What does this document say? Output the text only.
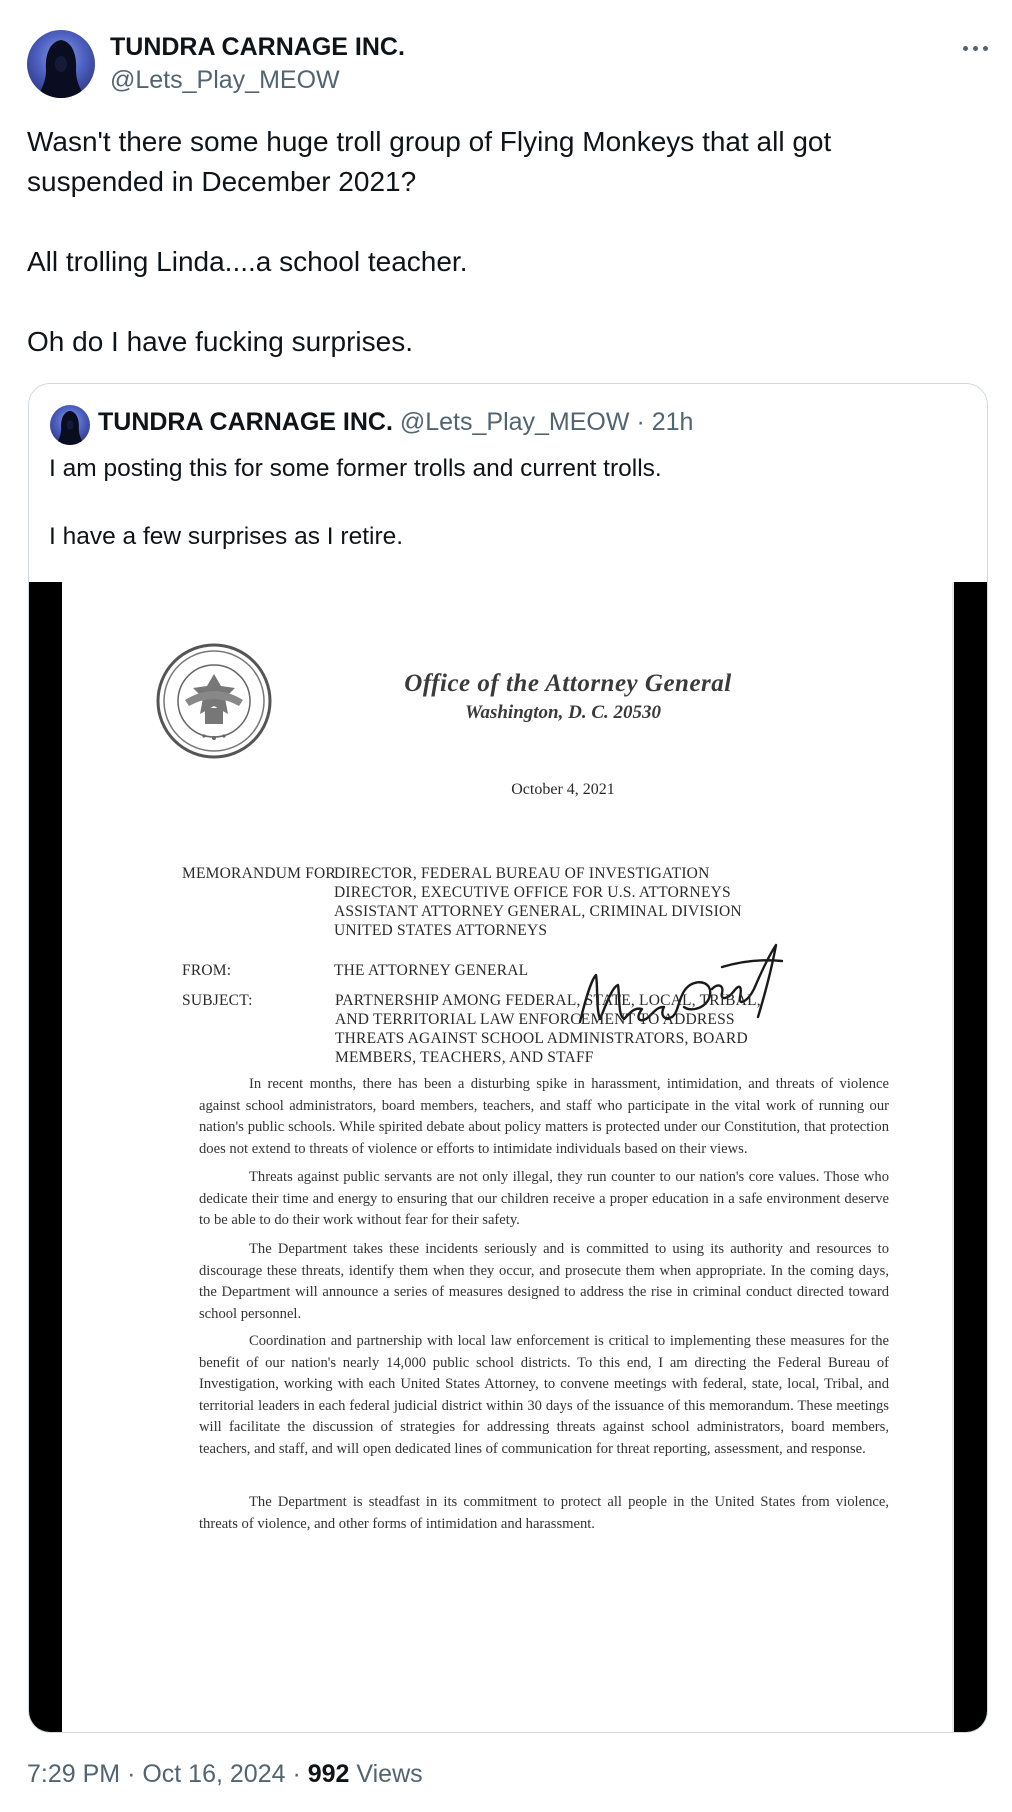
TUNDRA CARNAGE INC.
@Lets_Play_MEOW
Wasn't there some huge troll group of Flying Monkeys that all got
suspended in December 2021?
All trolling Linda....a school teacher.
Oh do I have fucking surprises.
TUNDRA CARNAGE INC. @Lets_Play_MEOW · 21h
I am posting this for some former trolls and current trolls.
I have a few surprises as I retire.
Office of the Attorney General
Washington, D. C. 20530
October 4, 2021
MEMORANDUM FOR
DIRECTOR, FEDERAL BUREAU OF INVESTIGATION
DIRECTOR, EXECUTIVE OFFICE FOR U.S. ATTORNEYS
ASSISTANT ATTORNEY GENERAL, CRIMINAL DIVISION
UNITED STATES ATTORNEYS
FROM:	THE ATTORNEY GENERAL
SUBJECT:	PARTNERSHIP AMONG FEDERAL, STATE, LOCAL, TRIBAL,
AND TERRITORIAL LAW ENFORCEMENT TO ADDRESS
THREATS AGAINST SCHOOL ADMINISTRATORS, BOARD
MEMBERS, TEACHERS, AND STAFF
In recent months, there has been a disturbing spike in harassment, intimidation, and threats of violence against school administrators, board members, teachers, and staff who participate in the vital work of running our nation's public schools. While spirited debate about policy matters is protected under our Constitution, that protection does not extend to threats of violence or efforts to intimidate individuals based on their views.
Threats against public servants are not only illegal, they run counter to our nation's core values. Those who dedicate their time and energy to ensuring that our children receive a proper education in a safe environment deserve to be able to do their work without fear for their safety.
The Department takes these incidents seriously and is committed to using its authority and resources to discourage these threats, identify them when they occur, and prosecute them when appropriate. In the coming days, the Department will announce a series of measures designed to address the rise in criminal conduct directed toward school personnel.
Coordination and partnership with local law enforcement is critical to implementing these measures for the benefit of our nation's nearly 14,000 public school districts. To this end, I am directing the Federal Bureau of Investigation, working with each United States Attorney, to convene meetings with federal, state, local, Tribal, and territorial leaders in each federal judicial district within 30 days of the issuance of this memorandum. These meetings will facilitate the discussion of strategies for addressing threats against school administrators, board members, teachers, and staff, and will open dedicated lines of communication for threat reporting, assessment, and response.
The Department is steadfast in its commitment to protect all people in the United States from violence, threats of violence, and other forms of intimidation and harassment.
7:29 PM · Oct 16, 2024 · 992 Views
